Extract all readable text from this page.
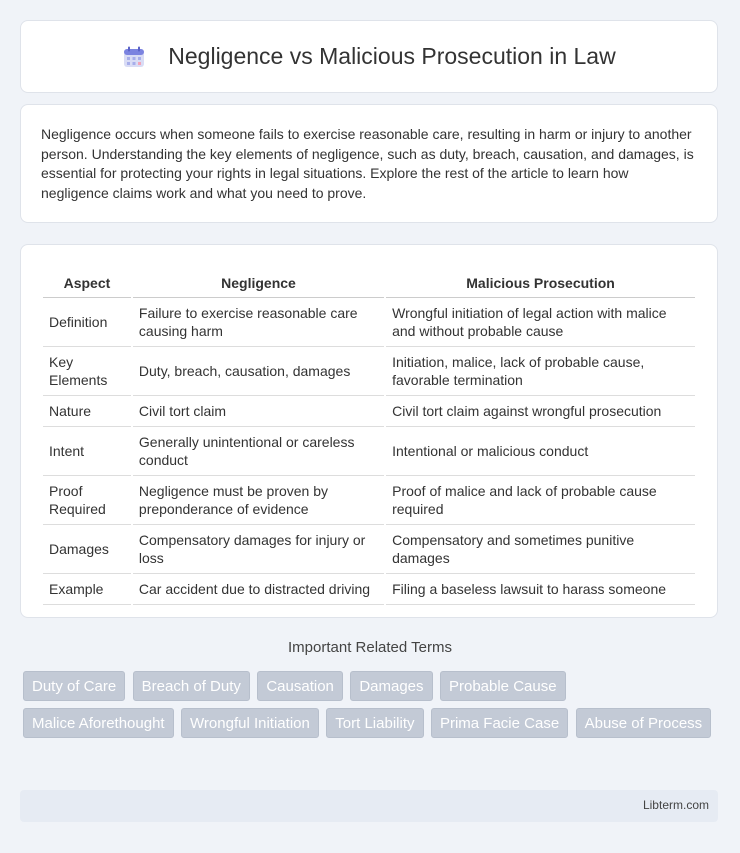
Negligence vs Malicious Prosecution in Law

Negligence occurs when someone fails to exercise reasonable care, resulting in harm or injury to another person. Understanding the key elements of negligence, such as duty, breach, causation, and damages, is essential for protecting your rights in legal situations. Explore the rest of the article to learn how negligence claims work and what you need to prove.

Aspect	Negligence	Malicious Prosecution
Definition	Failure to exercise reasonable care causing harm	Wrongful initiation of legal action with malice and without probable cause
Key Elements	Duty, breach, causation, damages	Initiation, malice, lack of probable cause, favorable termination
Nature	Civil tort claim	Civil tort claim against wrongful prosecution
Intent	Generally unintentional or careless conduct	Intentional or malicious conduct
Proof Required	Negligence must be proven by preponderance of evidence	Proof of malice and lack of probable cause required
Damages	Compensatory damages for injury or loss	Compensatory and sometimes punitive damages
Example	Car accident due to distracted driving	Filing a baseless lawsuit to harass someone
Important Related Terms
Duty of Care Breach of Duty Causation Damages Probable Cause Malice Aforethought Wrongful Initiation Tort Liability Prima Facie Case Abuse of Process
Libterm.com
